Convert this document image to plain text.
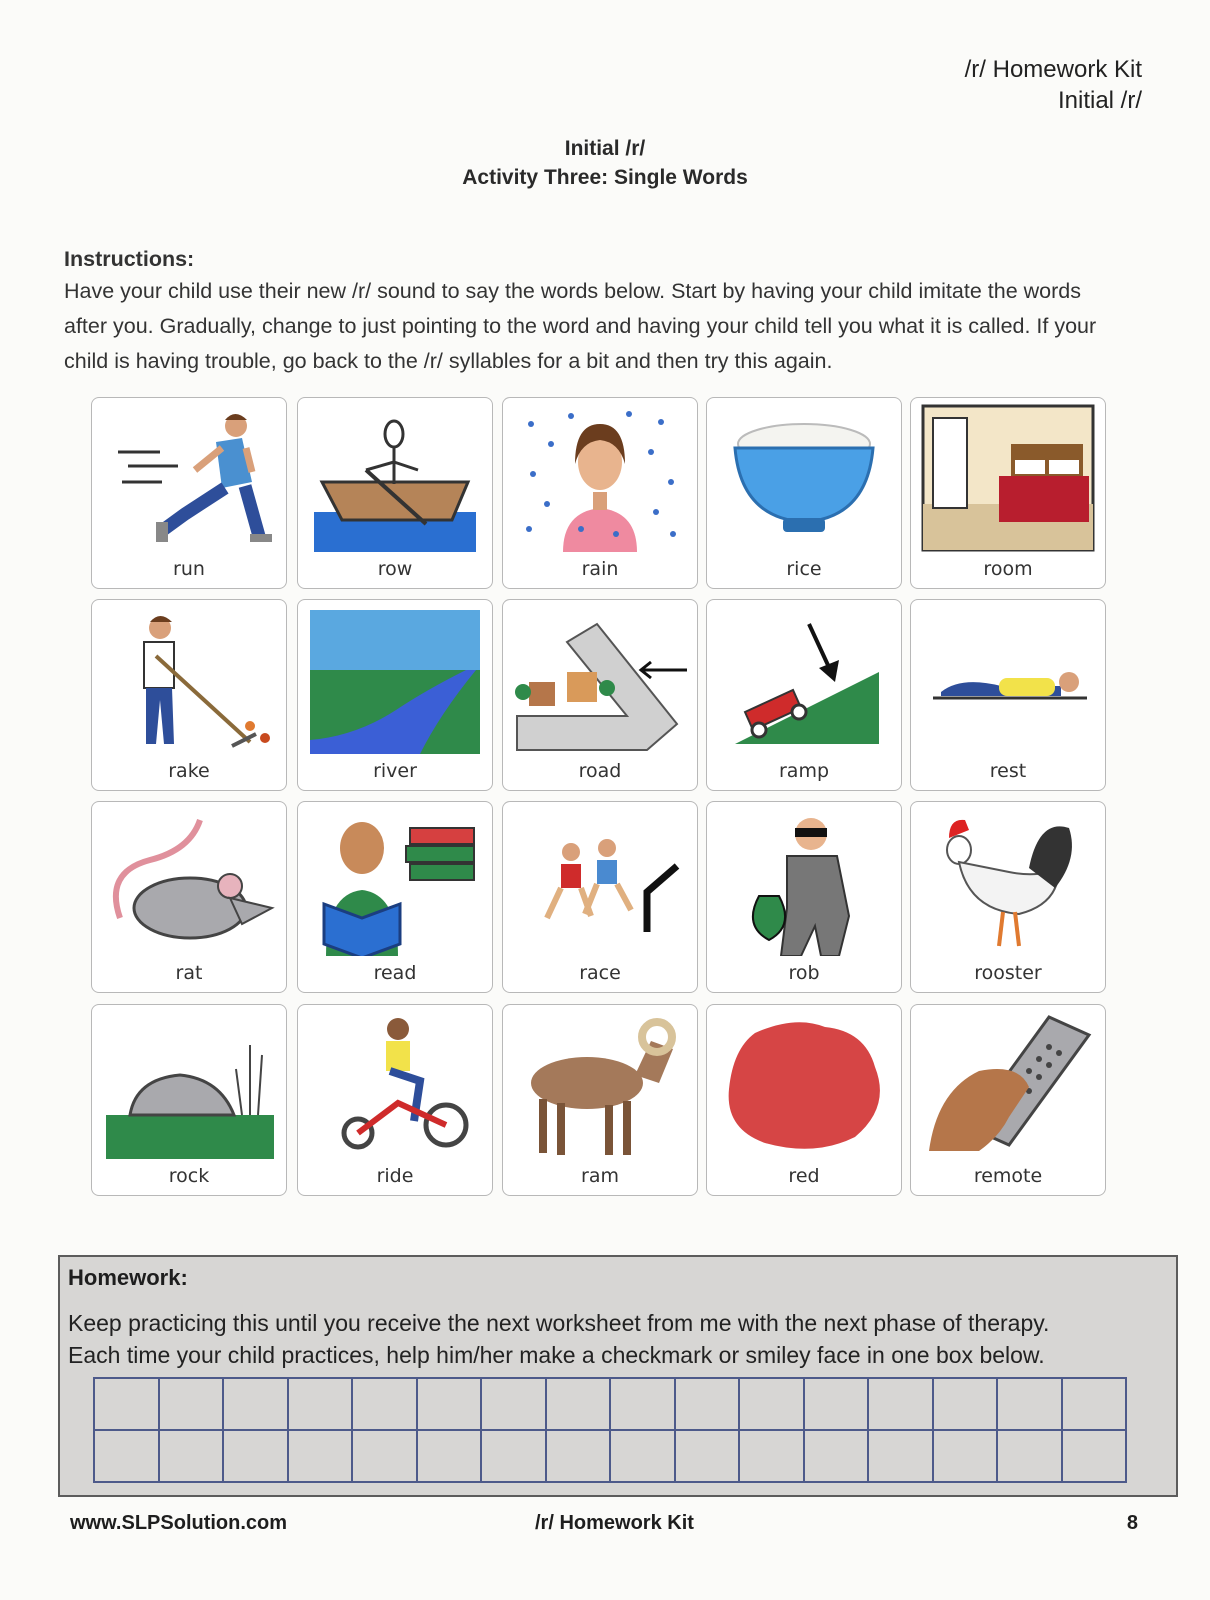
/r/ Homework Kit
Initial /r/
Initial /r/
Activity Three: Single Words
Instructions:
Have your child use their new /r/ sound to say the words below. Start by having your child imitate the words
after you. Gradually, change to just pointing to the word and having your child tell you what it is called. If your
child is having trouble, go back to the /r/ syllables for a bit and then try this again.
run	row	rain	rice	room
rake	river	road	ramp	rest
rat	read	race	rob	rooster
rock	ride	ram	red	remote
Homework:
Keep practicing this until you receive the next worksheet from me with the next phase of therapy.
Each time your child practices, help him/her make a checkmark or smiley face in one box below.
www.SLPSolution.com	/r/ Homework Kit	8
